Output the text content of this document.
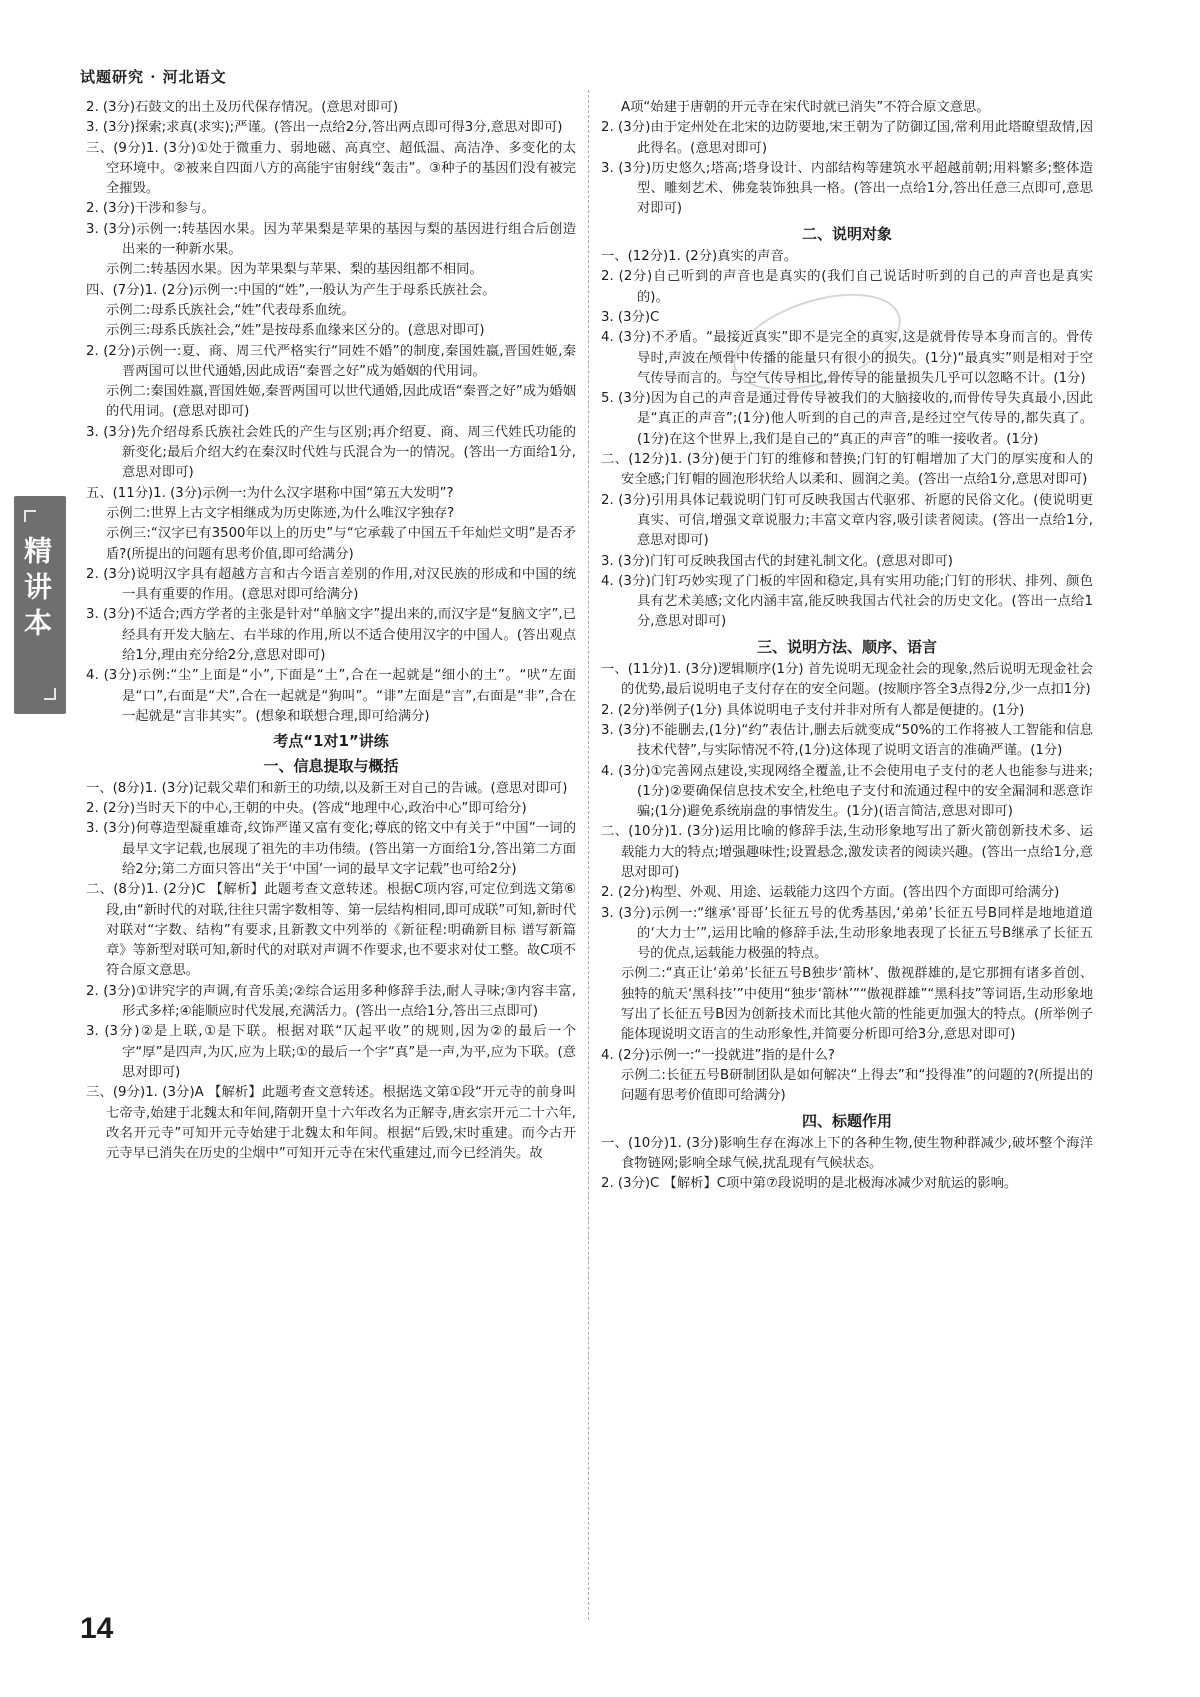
试题研究 · 河北语文
精讲本

2. (3分)石鼓文的出土及历代保存情况。(意思对即可)

3. (3分)探索;求真(求实);严谨。(答出一点给2分,答出两点即可得3分,意思对即可)

三、(9分)1. (3分)①处于微重力、弱地磁、高真空、超低温、高洁净、多变化的太空环境中。②被来自四面八方的高能宇宙射线“轰击”。③种子的基因们没有被完全摧毁。

2. (3分)干涉和参与。

3. (3分)示例一:转基因水果。因为苹果梨是苹果的基因与梨的基因进行组合后创造出来的一种新水果。

示例二:转基因水果。因为苹果梨与苹果、梨的基因组都不相同。

四、(7分)1. (2分)示例一:中国的“姓”,一般认为产生于母系氏族社会。

示例二:母系氏族社会,“姓”代表母系血统。

示例三:母系氏族社会,“姓”是按母系血缘来区分的。(意思对即可)

2. (2分)示例一:夏、商、周三代严格实行“同姓不婚”的制度,秦国姓嬴,晋国姓姬,秦晋两国可以世代通婚,因此成语“秦晋之好”成为婚姻的代用词。

示例二:秦国姓嬴,晋国姓姬,秦晋两国可以世代通婚,因此成语“秦晋之好”成为婚姻的代用词。(意思对即可)

3. (3分)先介绍母系氏族社会姓氏的产生与区别;再介绍夏、商、周三代姓氏功能的新变化;最后介绍大约在秦汉时代姓与氏混合为一的情况。(答出一方面给1分,意思对即可)

五、(11分)1. (3分)示例一:为什么汉字堪称中国“第五大发明”?

示例二:世界上古文字相继成为历史陈迹,为什么唯汉字独存?

示例三:“汉字已有3500年以上的历史”与“它承载了中国五千年灿烂文明”是否矛盾?(所提出的问题有思考价值,即可给满分)

2. (3分)说明汉字具有超越方言和古今语言差别的作用,对汉民族的形成和中国的统一具有重要的作用。(意思对即可给满分)

3. (3分)不适合;西方学者的主张是针对“单脑文字”提出来的,而汉字是“复脑文字”,已经具有开发大脑左、右半球的作用,所以不适合使用汉字的中国人。(答出观点给1分,理由充分给2分,意思对即可)

4. (3分)示例:“尘”上面是“小”,下面是“土”,合在一起就是“细小的土”。“吠”左面是“口”,右面是“犬”,合在一起就是“狗叫”。“诽”左面是“言”,右面是“非”,合在一起就是“言非其实”。(想象和联想合理,即可给满分)

考点“1对1”讲练

一、信息提取与概括

一、(8分)1. (3分)记载父辈们和新王的功绩,以及新王对自己的告诫。(意思对即可)

2. (2分)当时天下的中心,王朝的中央。(答成“地理中心,政治中心”即可给分)

3. (3分)何尊造型凝重雄奇,纹饰严谨又富有变化;尊底的铭文中有关于“中国”一词的最早文字记载,也展现了祖先的丰功伟绩。(答出第一方面给1分,答出第二方面给2分;第二方面只答出“关于‘中国’一词的最早文字记载”也可给2分)

二、(8分)1. (2分)C 【解析】此题考查文意转述。根据C项内容,可定位到选文第⑥段,由“新时代的对联,往往只需字数相等、第一层结构相同,即可成联”可知,新时代对联对“字数、结构”有要求,且新教文中列举的《新征程:明确新目标 谱写新篇章》等新型对联可知,新时代的对联对声调不作要求,也不要求对仗工整。故C项不符合原文意思。

2. (3分)①讲究字的声调,有音乐美;②综合运用多种修辞手法,耐人寻味;③内容丰富,形式多样;④能顺应时代发展,充满活力。(答出一点给1分,答出三点即可)

3. (3分)②是上联,①是下联。根据对联“仄起平收”的规则,因为②的最后一个字“厚”是四声,为仄,应为上联;①的最后一个字“真”是一声,为平,应为下联。(意思对即可)

三、(9分)1. (3分)A 【解析】此题考查文意转述。根据选文第①段“开元寺的前身叫七帝寺,始建于北魏太和年间,隋朝开皇十六年改名为正解寺,唐玄宗开元二十六年,改名开元寺”可知开元寺始建于北魏太和年间。根据“后毁,宋时重建。而今古开元寺早已消失在历史的尘烟中”可知开元寺在宋代重建过,而今已经消失。故

A项“始建于唐朝的开元寺在宋代时就已消失”不符合原文意思。

2. (3分)由于定州处在北宋的边防要地,宋王朝为了防御辽国,常利用此塔瞭望敌情,因此得名。(意思对即可)

3. (3分)历史悠久;塔高;塔身设计、内部结构等建筑水平超越前朝;用料繁多;整体造型、雕刻艺术、佛龛装饰独具一格。(答出一点给1分,答出任意三点即可,意思对即可)

二、说明对象

一、(12分)1. (2分)真实的声音。

2. (2分)自己听到的声音也是真实的(我们自己说话时听到的自己的声音也是真实的)。

3. (3分)C

4. (3分)不矛盾。“最接近真实”即不是完全的真实,这是就骨传导本身而言的。骨传导时,声波在颅骨中传播的能量只有很小的损失。(1分)“最真实”则是相对于空气传导而言的。与空气传导相比,骨传导的能量损失几乎可以忽略不计。(1分)

5. (3分)因为自己的声音是通过骨传导被我们的大脑接收的,而骨传导失真最小,因此是“真正的声音”;(1分)他人听到的自己的声音,是经过空气传导的,都失真了。(1分)在这个世界上,我们是自己的“真正的声音”的唯一接收者。(1分)

二、(12分)1. (3分)便于门钉的维修和替换;门钉的钉帽增加了大门的厚实度和人的安全感;门钉帽的圆泡形状给人以柔和、圆润之美。(答出一点给1分,意思对即可)

2. (3分)引用具体记载说明门钉可反映我国古代驱邪、祈愿的民俗文化。(使说明更真实、可信,增强文章说服力;丰富文章内容,吸引读者阅读。(答出一点给1分,意思对即可)

3. (3分)门钉可反映我国古代的封建礼制文化。(意思对即可)

4. (3分)门钉巧妙实现了门板的牢固和稳定,具有实用功能;门钉的形状、排列、颜色具有艺术美感;文化内涵丰富,能反映我国古代社会的历史文化。(答出一点给1分,意思对即可)

三、说明方法、顺序、语言

一、(11分)1. (3分)逻辑顺序(1分) 首先说明无现金社会的现象,然后说明无现金社会的优势,最后说明电子支付存在的安全问题。(按顺序答全3点得2分,少一点扣1分)

2. (2分)举例子(1分) 具体说明电子支付并非对所有人都是便捷的。(1分)

3. (3分)不能删去,(1分)“约”表估计,删去后就变成“50%的工作将被人工智能和信息技术代替”,与实际情况不符,(1分)这体现了说明文语言的准确严谨。(1分)

4. (3分)①完善网点建设,实现网络全覆盖,让不会使用电子支付的老人也能参与进来;(1分)②要确保信息技术安全,杜绝电子支付和流通过程中的安全漏洞和恶意诈骗;(1分)避免系统崩盘的事情发生。(1分)(语言简洁,意思对即可)

二、(10分)1. (3分)运用比喻的修辞手法,生动形象地写出了新火箭创新技术多、运载能力大的特点;增强趣味性;设置悬念,激发读者的阅读兴趣。(答出一点给1分,意思对即可)

2. (2分)构型、外观、用途、运载能力这四个方面。(答出四个方面即可给满分)

3. (3分)示例一:“继承‘哥哥’长征五号的优秀基因,‘弟弟’长征五号B同样是地地道道的‘大力士’”,运用比喻的修辞手法,生动形象地表现了长征五号B继承了长征五号的优点,运载能力极强的特点。

示例二:“真正让‘弟弟’长征五号B独步‘箭林’、傲视群雄的,是它那拥有诸多首创、独特的航天‘黑科技’”中使用“独步‘箭林’”“傲视群雄”“黑科技”等词语,生动形象地写出了长征五号B因为创新技术而比其他火箭的性能更加强大的特点。(所举例子能体现说明文语言的生动形象性,并简要分析即可给3分,意思对即可)

4. (2分)示例一:“一投就进”指的是什么?

示例二:长征五号B研制团队是如何解决“上得去”和“投得准”的问题的?(所提出的问题有思考价值即可给满分)

四、标题作用

一、(10分)1. (3分)影响生存在海冰上下的各种生物,使生物种群减少,破坏整个海洋食物链网;影响全球气候,扰乱现有气候状态。

2. (3分)C 【解析】C项中第⑦段说明的是北极海冰减少对航运的影响。

14
